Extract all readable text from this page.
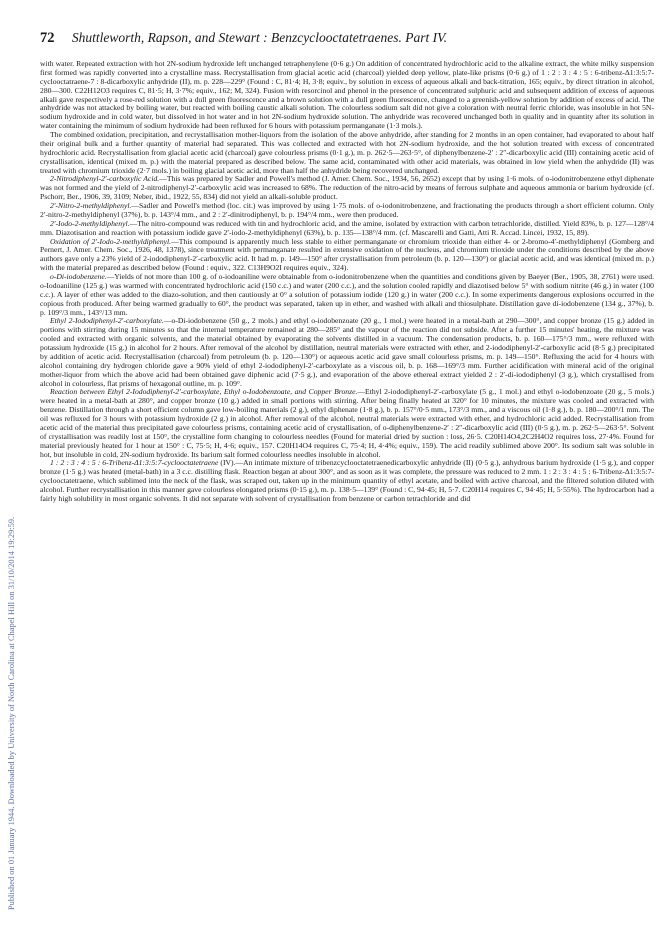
Published on 01 January 1944. Downloaded by University of North Carolina at Chapel Hill on 31/10/2014 19:29:59.
72 Shuttleworth, Rapson, and Stewart : Benzcyclooctatetraenes. Part IV.

with water. Repeated extraction with hot 2N-sodium hydroxide left unchanged tetraphenylene (0·6 g.) On addition of concentrated hydrochloric acid to the alkaline extract, the white milky suspension first formed was rapidly converted into a crystalline mass. Recrystallisation from glacial acetic acid (charcoal) yielded deep yellow, plate-like prisms (0·6 g.) of 1 : 2 : 3 : 4 : 5 : 6-tribenz-Δ1:3:5:7-cyclooctatraene-7 : 8-dicarboxylic anhydride (II), m. p. 228—229° (Found : C, 81·4; H, 3·8; equiv., by solution in excess of aqueous alkali and back-titration, 165; equiv., by direct titration in alcohol, 280—300. C22H12O3 requires C, 81·5; H, 3·7%; equiv., 162; M, 324). Fusion with resorcinol and phenol in the presence of concentrated sulphuric acid and subsequent addition of excess of aqueous alkali gave respectively a rose-red solution with a dull green fluorescence and a brown solution with a dull green fluorescence, changed to a greenish-yellow solution by addition of excess of acid. The anhydride was not attacked by boiling water, but reacted with boiling caustic alkali solution. The colourless sodium salt did not give a coloration with neutral ferric chloride, was insoluble in hot 5N-sodium hydroxide and in cold water, but dissolved in hot water and in hot 2N-sodium hydroxide solution. The anhydride was recovered unchanged both in quality and in quantity after its solution in water containing the minimum of sodium hydroxide had been refluxed for 6 hours with potassium permanganate (1·3 mols.).

The combined oxidation, precipitation, and recrystallisation mother-liquors from the isolation of the above anhydride, after standing for 2 months in an open container, had evaporated to about half their original bulk and a further quantity of material had separated. This was collected and extracted with hot 2N-sodium hydroxide, and the hot solution treated with excess of concentrated hydrochloric acid. Recrystallisation from glacial acetic acid (charcoal) gave colourless prisms (0·1 g.), m. p. 262·5—263·5°, of diphenylbenzene-2′ : 2″-dicarboxylic acid (III) containing acetic acid of crystallisation, identical (mixed m. p.) with the material prepared as described below. The same acid, contaminated with other acid materials, was obtained in low yield when the anhydride (II) was treated with chromium trioxide (2·7 mols.) in boiling glacial acetic acid, more than half the anhydride being recovered unchanged.

2-Nitrodiphenyl-2′-carboxylic Acid.—This was prepared by Sadler and Powell's method (J. Amer. Chem. Soc., 1934, 56, 2652) except that by using 1·6 mols. of o-iodonitrobenzene ethyl diphenate was not formed and the yield of 2-nitrodiphenyl-2′-carboxylic acid was increased to 68%. The reduction of the nitro-acid by means of ferrous sulphate and aqueous ammonia or barium hydroxide (cf. Pschorr, Ber., 1906, 39, 3109; Neber, ibid., 1922, 55, 834) did not yield an alkali-soluble product.

2′-Nitro-2-methyldiphenyl.—Sadler and Powell's method (loc. cit.) was improved by using 1·75 mols. of o-iodonitrobenzene, and fractionating the products through a short efficient column. Only 2′-nitro-2-methyldiphenyl (37%), b. p. 143°/4 mm., and 2 : 2′-dinitrodiphenyl, b. p. 194°/4 mm., were then produced.

2′-Iodo-2-methyldiphenyl.—The nitro-compound was reduced with tin and hydrochloric acid, and the amine, isolated by extraction with carbon tetrachloride, distilled. Yield 83%, b. p. 127—128°/4 mm. Diazotisation and reaction with potassium iodide gave 2′-iodo-2-methyldiphenyl (63%), b. p. 135—138°/4 mm. (cf. Mascarelli and Gatti, Atti R. Accad. Lincei, 1932, 15, 89).

Oxidation of 2′-Iodo-2-methyldiphenyl.—This compound is apparently much less stable to either permanganate or chromium trioxide than either 4- or 2-bromo-4′-methyldiphenyl (Gomberg and Pernert, J. Amer. Chem. Soc., 1926, 48, 1378), since treatment with permanganate resulted in extensive oxidation of the nucleus, and chromium trioxide under the conditions described by the above authors gave only a 23% yield of 2-iododiphenyl-2′-carboxylic acid. It had m. p. 149—150° after crystallisation from petroleum (b. p. 120—130°) or glacial acetic acid, and was identical (mixed m. p.) with the material prepared as described below (Found : equiv., 322. C13H9O2I requires equiv., 324).

o-Di-iodobenzene.—Yields of not more than 100 g. of o-iodoaniline were obtainable from o-iodonitrobenzene when the quantities and conditions given by Baeyer (Ber., 1905, 38, 2761) were used. o-Iodoaniline (125 g.) was warmed with concentrated hydrochloric acid (150 c.c.) and water (200 c.c.), and the solution cooled rapidly and diazotised below 5° with sodium nitrite (46 g.) in water (100 c.c.). A layer of ether was added to the diazo-solution, and then cautiously at 0° a solution of potassium iodide (120 g.) in water (200 c.c.). In some experiments dangerous explosions occurred in the copious froth produced. After being warmed gradually to 60°, the product was separated, taken up in ether, and washed with alkali and thiosulphate. Distillation gave di-iodobenzene (134 g., 37%), b. p. 109°/3 mm., 143°/13 mm.

Ethyl 2-Iododiphenyl-2′-carboxylate.—o-Di-iodobenzene (50 g., 2 mols.) and ethyl o-iodobenzoate (20 g., 1 mol.) were heated in a metal-bath at 290—300°, and copper bronze (15 g.) added in portions with stirring during 15 minutes so that the internal temperature remained at 280—285° and the vapour of the reaction did not subside. After a further 15 minutes' heating, the mixture was cooled and extracted with organic solvents, and the material obtained by evaporating the solvents distilled in a vacuum. The condensation products, b. p. 160—175°/3 mm., were refluxed with potassium hydroxide (15 g.) in alcohol for 2 hours. After removal of the alcohol by distillation, neutral materials were extracted with ether, and 2-iododiphenyl-2′-carboxylic acid (8·5 g.) precipitated by addition of acetic acid. Recrystallisation (charcoal) from petroleum (b. p. 120—130°) or aqueous acetic acid gave small colourless prisms, m. p. 149—150°. Refluxing the acid for 4 hours with alcohol containing dry hydrogen chloride gave a 90% yield of ethyl 2-iododiphenyl-2′-carboxylate as a viscous oil, b. p. 168—169°/3 mm. Further acidification with mineral acid of the original mother-liquor from which the above acid had been obtained gave diphenic acid (7·5 g.), and evaporation of the above ethereal extract yielded 2 : 2′-di-iododiphenyl (3 g.), which crystallised from alcohol in colourless, flat prisms of hexagonal outline, m. p. 109°.

Reaction between Ethyl 2-Iododiphenyl-2′-carboxylate, Ethyl o-Iodobenzoate, and Copper Bronze.—Ethyl 2-iododiphenyl-2′-carboxylate (5 g., 1 mol.) and ethyl o-iodobenzoate (20 g., 5 mols.) were heated in a metal-bath at 280°, and copper bronze (10 g.) added in small portions with stirring. After being finally heated at 320° for 10 minutes, the mixture was cooled and extracted with benzene. Distillation through a short efficient column gave low-boiling materials (2 g.), ethyl diphenate (1·8 g.), b. p. 157°/0·5 mm., 173°/3 mm., and a viscous oil (1·8 g.), b. p. 180—200°/1 mm. The oil was refluxed for 3 hours with potassium hydroxide (2 g.) in alcohol. After removal of the alcohol, neutral materials were extracted with ether, and hydrochloric acid added. Recrystallisation from acetic acid of the material thus precipitated gave colourless prisms, containing acetic acid of crystallisation, of o-diphenylbenzene-2′ : 2″-dicarboxylic acid (III) (0·5 g.), m. p. 262·5—263·5°. Solvent of crystallisation was readily lost at 150°, the crystalline form changing to colourless needles (Found for material dried by suction : loss, 26·5. C20H14O4,2C2H4O2 requires loss, 27·4%. Found for material previously heated for 1 hour at 150° : C, 75·5; H, 4·6; equiv., 157. C20H14O4 requires C, 75·4; H, 4·4%; equiv., 159). The acid readily sublimed above 200°. Its sodium salt was soluble in hot, but insoluble in cold, 2N-sodium hydroxide. Its barium salt formed colourless needles insoluble in alcohol.

1 : 2 : 3 : 4 : 5 : 6-Tribenz-Δ1:3:5:7-cyclooctatetraene (IV).—An intimate mixture of tribenzcyclooctatetraenedicarboxylic anhydride (II) (0·5 g.), anhydrous barium hydroxide (1·5 g.), and copper bronze (1·5 g.) was heated (metal-bath) in a 3 c.c. distilling flask. Reaction began at about 300°, and as soon as it was complete, the pressure was reduced to 2 mm. 1 : 2 : 3 : 4 : 5 : 6-Tribenz-Δ1:3:5:7-cyclooctatetraene, which sublimed into the neck of the flask, was scraped out, taken up in the minimum quantity of ethyl acetate, and boiled with active charcoal, and the filtered solution diluted with alcohol. Further recrystallisation in this manner gave colourless elongated prisms (0·15 g.), m. p. 138·5—139° (Found : C, 94·45; H, 5·7. C20H14 requires C, 94·45; H, 5·55%). The hydrocarbon had a fairly high solubility in most organic solvents. It did not separate with solvent of crystallisation from benzene or carbon tetrachloride and did
